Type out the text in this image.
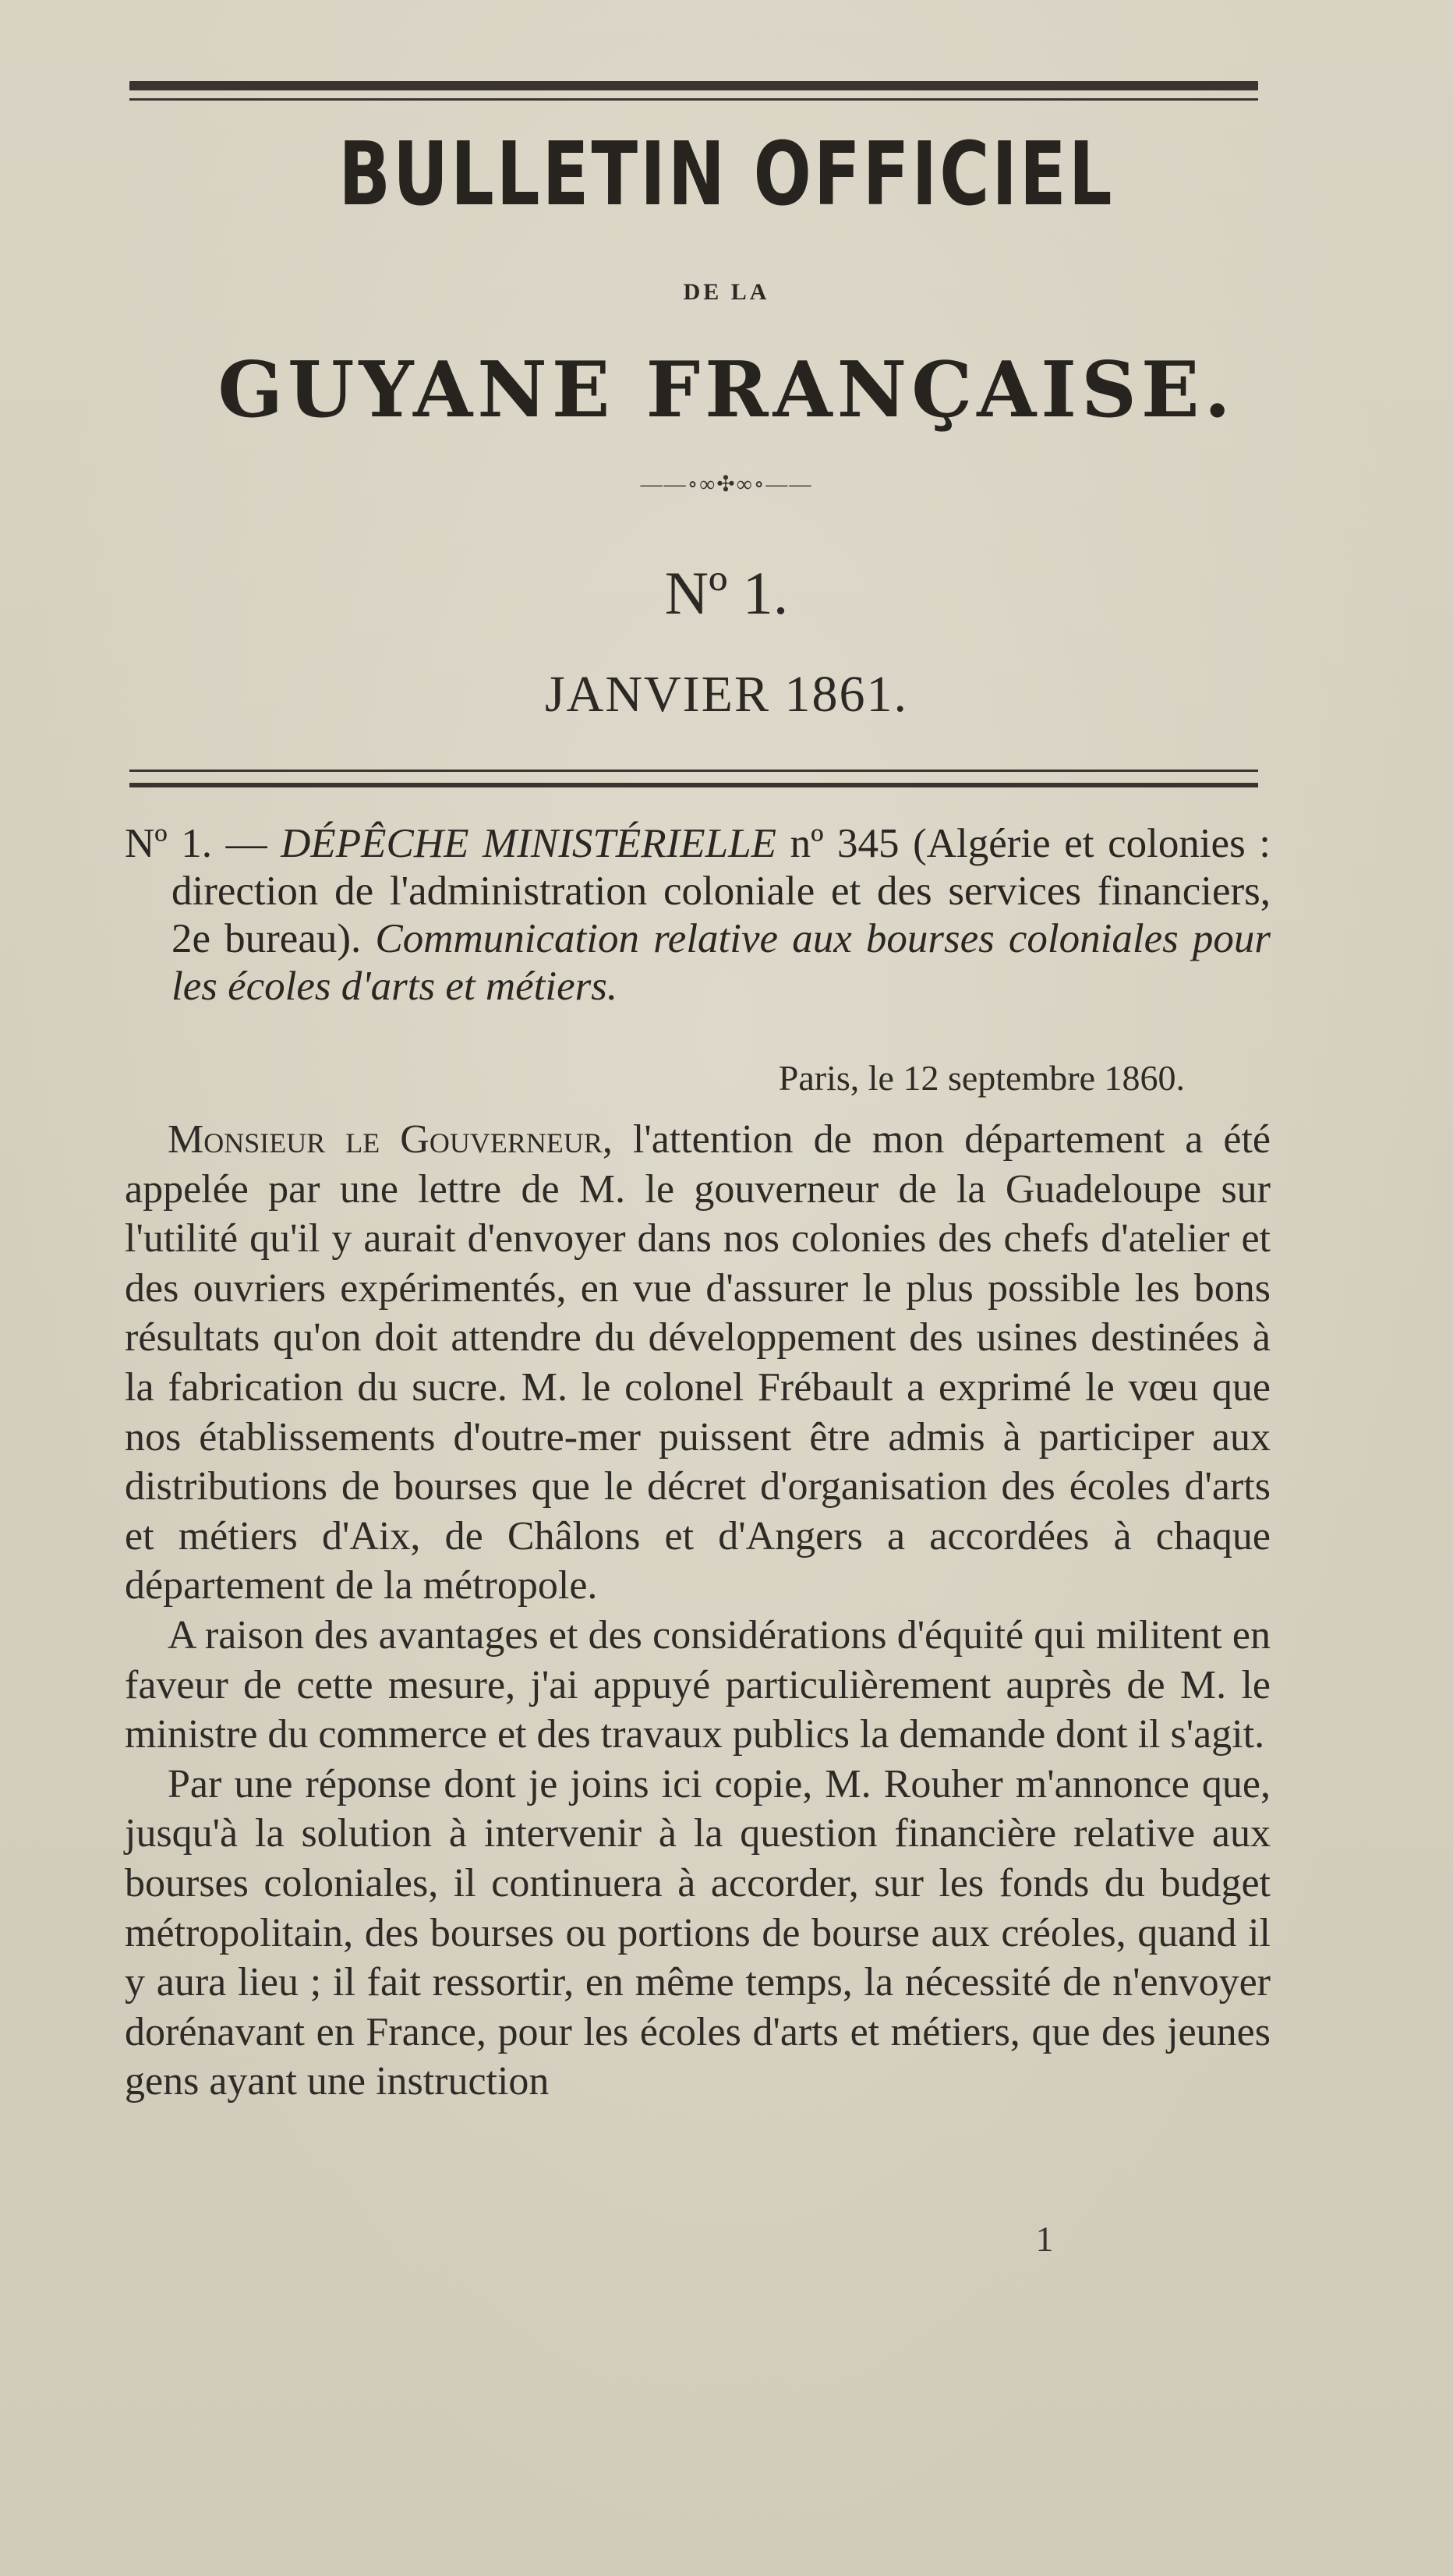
BULLETIN OFFICIEL
DE LA
GUYANE FRANÇAISE.
——∘∞✣∞∘——
Nº 1.
JANVIER 1861.
Nº 1. — DÉPÊCHE MINISTÉRIELLE nº 345 (Algérie et colonies : direction de l'administration coloniale et des services financiers, 2e bureau). Communication relative aux bourses coloniales pour les écoles d'arts et métiers.
Paris, le 12 septembre 1860.

Monsieur le Gouverneur, l'attention de mon département a été appelée par une lettre de M. le gouverneur de la Guadeloupe sur l'utilité qu'il y aurait d'envoyer dans nos colonies des chefs d'atelier et des ouvriers expérimentés, en vue d'assurer le plus possible les bons résultats qu'on doit attendre du développement des usines destinées à la fabrication du sucre. M. le colonel Frébault a exprimé le vœu que nos établissements d'outre-mer puissent être admis à participer aux distributions de bourses que le décret d'organisation des écoles d'arts et métiers d'Aix, de Châlons et d'Angers a accordées à chaque département de la métropole.

A raison des avantages et des considérations d'équité qui militent en faveur de cette mesure, j'ai appuyé particulièrement auprès de M. le ministre du commerce et des travaux publics la demande dont il s'agit.

Par une réponse dont je joins ici copie, M. Rouher m'annonce que, jusqu'à la solution à intervenir à la question financière relative aux bourses coloniales, il continuera à accorder, sur les fonds du budget métropolitain, des bourses ou portions de bourse aux créoles, quand il y aura lieu ; il fait ressortir, en même temps, la nécessité de n'envoyer dorénavant en France, pour les écoles d'arts et métiers, que des jeunes gens ayant une instruction

1
